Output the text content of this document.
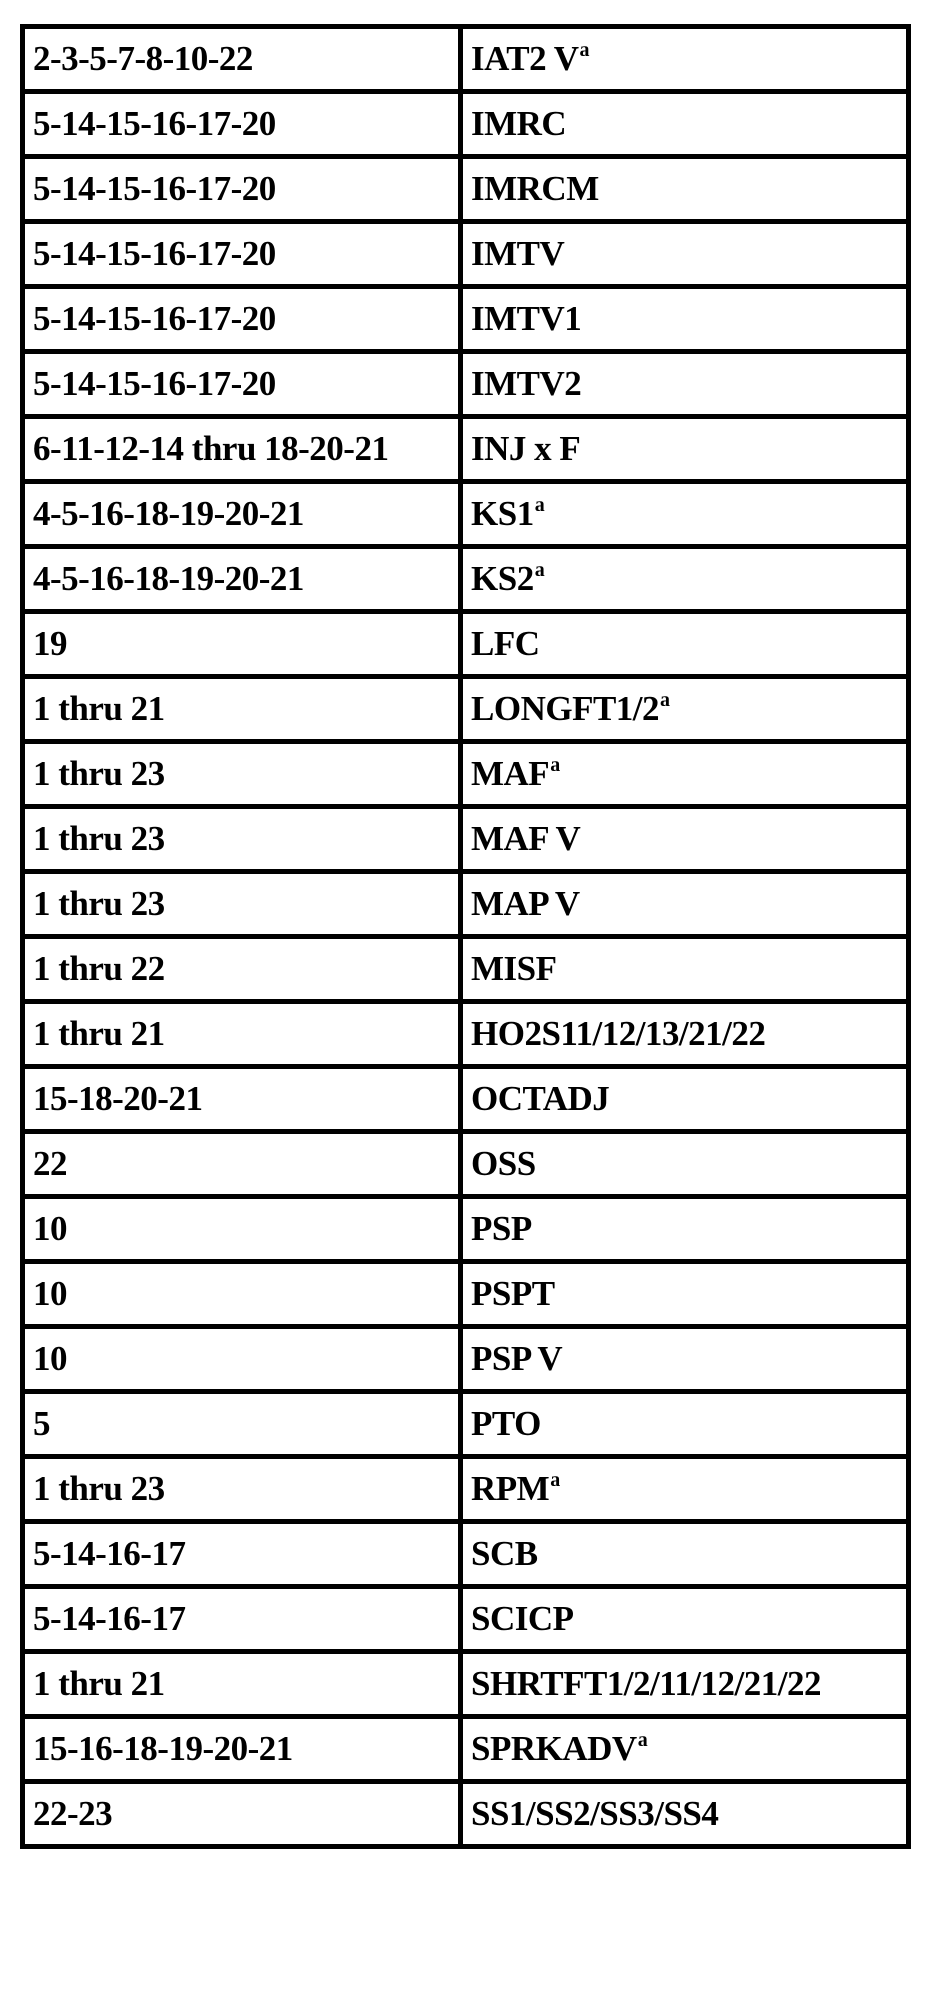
2-3-5-7-8-10-22	IAT2 $V^a$
5-14-15-16-17-20	IMRC
5-14-15-16-17-20	IMRCM
5-14-15-16-17-20	IMTV
5-14-15-16-17-20	IMTV1
5-14-15-16-17-20	IMTV2
6-11-12-14 thru 18-20-21	INJ x F
4-5-16-18-19-20-21	KS1$^a$
4-5-16-18-19-20-21	KS2$^a$
19	LFC
1 thru 21	LONGFT1/2$^a$
1 thru 23	MAF$^a$
1 thru 23	MAF V
1 thru 23	MAP V
1 thru 22	MISF
1 thru 21	HO2S11/12/13/21/22
15-18-20-21	OCTADJ
22	OSS
10	PSP
10	PSPT
10	PSP V
5	PTO
1 thru 23	RPM$^a$
5-14-16-17	SCB
5-14-16-17	SCICP
1 thru 21	SHRTFT1/2/11/12/21/22
15-16-18-19-20-21	SPRKADV$^a$
22-23	SS1/SS2/SS3/SS4
